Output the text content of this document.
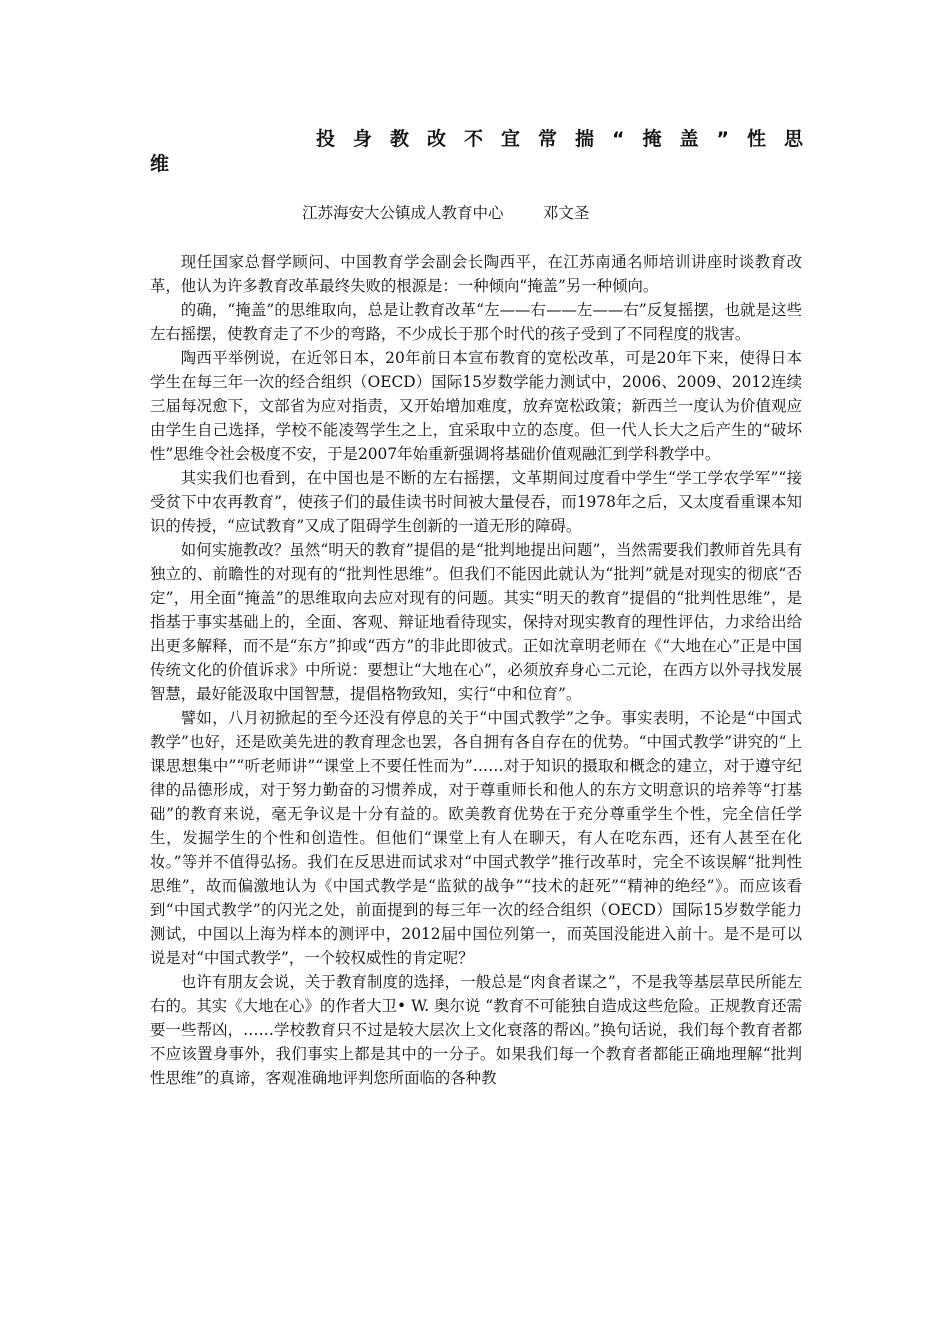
投身教改不宜常揣“掩盖”性思
维
江苏海安大公镇成人教育中心        邓文圣

现任国家总督学顾问、中国教育学会副会长陶西平，在江苏南通名师培训讲座时谈教育改革，他认为许多教育改革最终失败的根源是：一种倾向“掩盖”另一种倾向。

的确，“掩盖”的思维取向，总是让教育改革“左——右——左——右”反复摇摆，也就是这些左右摇摆，使教育走了不少的弯路，不少成长于那个时代的孩子受到了不同程度的戕害。

陶西平举例说，在近邻日本，20年前日本宣布教育的宽松改革，可是20年下来，使得日本学生在每三年一次的经合组织（OECD）国际15岁数学能力测试中，2006、2009、2012连续三届每况愈下，文部省为应对指责，又开始增加难度，放弃宽松政策；新西兰一度认为价值观应由学生自己选择，学校不能凌驾学生之上，宜采取中立的态度。但一代人长大之后产生的“破坏性”思维令社会极度不安，于是2007年始重新强调将基础价值观融汇到学科教学中。

其实我们也看到，在中国也是不断的左右摇摆，文革期间过度看中学生“学工学农学军”“接受贫下中农再教育”，使孩子们的最佳读书时间被大量侵吞，而1978年之后，又太度看重课本知识的传授，“应试教育”又成了阻碍学生创新的一道无形的障碍。

如何实施教改？虽然“明天的教育”提倡的是“批判地提出问题”，当然需要我们教师首先具有独立的、前瞻性的对现有的“批判性思维”。但我们不能因此就认为“批判”就是对现实的彻底“否定”，用全面“掩盖”的思维取向去应对现有的问题。其实“明天的教育”提倡的“批判性思维”，是指基于事实基础上的，全面、客观、辩证地看待现实，保持对现实教育的理性评估，力求给出给出更多解释，而不是“东方”抑或“西方”的非此即彼式。正如沈章明老师在《“大地在心”正是中国传统文化的价值诉求》中所说：要想让“大地在心”，必须放弃身心二元论，在西方以外寻找发展智慧，最好能汲取中国智慧，提倡格物致知，实行“中和位育”。

譬如，八月初掀起的至今还没有停息的关于“中国式教学”之争。事实表明，不论是“中国式教学”也好，还是欧美先进的教育理念也罢，各自拥有各自存在的优势。“中国式教学”讲究的“上课思想集中”“听老师讲”“课堂上不要任性而为”……对于知识的摄取和概念的建立，对于遵守纪律的品德形成，对于努力勤奋的习惯养成，对于尊重师长和他人的东方文明意识的培养等“打基础”的教育来说，毫无争议是十分有益的。欧美教育优势在于充分尊重学生个性，完全信任学生，发掘学生的个性和创造性。但他们“课堂上有人在聊天，有人在吃东西，还有人甚至在化妆。”等并不值得弘扬。我们在反思进而试求对“中国式教学”推行改革时，完全不该误解“批判性思维”，故而偏激地认为《中国式教学是“监狱的战争”“技术的赶死”“精神的绝经”》。而应该看到“中国式教学”的闪光之处，前面提到的每三年一次的经合组织（OECD）国际15岁数学能力测试，中国以上海为样本的测评中，2012届中国位列第一，而英国没能进入前十。是不是可以说是对“中国式教学”，一个较权威性的肯定呢？

也许有朋友会说，关于教育制度的选择，一般总是“肉食者谋之”，不是我等基层草民所能左右的。其实《大地在心》的作者大卫• W. 奥尔说 “教育不可能独自造成这些危险。正规教育还需要一些帮凶，……学校教育只不过是较大层次上文化衰落的帮凶。”换句话说，我们每个教育者都不应该置身事外，我们事实上都是其中的一分子。如果我们每一个教育者都能正确地理解“批判性思维”的真谛，客观准确地评判您所面临的各种教
